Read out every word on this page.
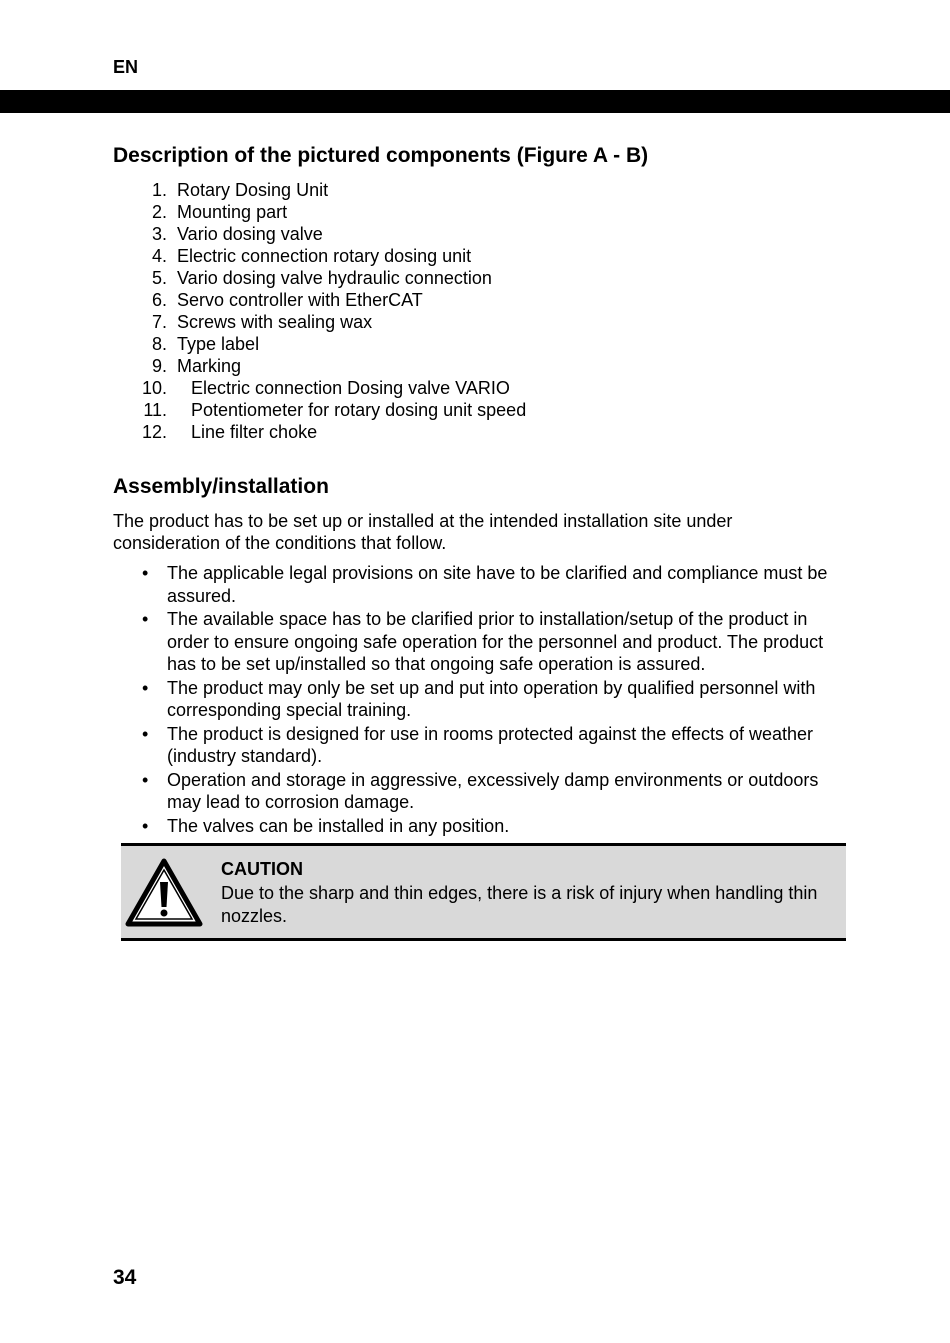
EN
Description of the pictured components (Figure A - B)
1.
Rotary Dosing Unit
2.
Mounting part
3.
Vario dosing valve
4.
Electric connection rotary dosing unit
5.
Vario dosing valve hydraulic connection
6.
Servo controller with EtherCAT
7.
Screws with sealing wax
8.
Type label
9.
Marking
10.
	Electric connection Dosing valve VARIO
11.
	Potentiometer for rotary dosing unit speed
12.
	Line filter choke
Assembly/installation

The product has to be set up or installed at the intended installation site under consideration of the conditions that follow.

• The applicable legal provisions on site have to be clarified and compliance must be assured.
• The available space has to be clarified prior to installation/setup of the product in order to ensure ongoing safe operation for the personnel and product. The product has to be set up/installed so that ongoing safe operation is assured.
• The product may only be set up and put into operation by qualified personnel with corresponding special training.
• The product is designed for use in rooms protected against the effects of weather (industry standard).
• Operation and storage in aggressive, excessively damp environments or outdoors may lead to corrosion damage.
• The valves can be installed in any position.
CAUTION
Due to the sharp and thin edges, there is a risk of injury when handling thin nozzles.
34
